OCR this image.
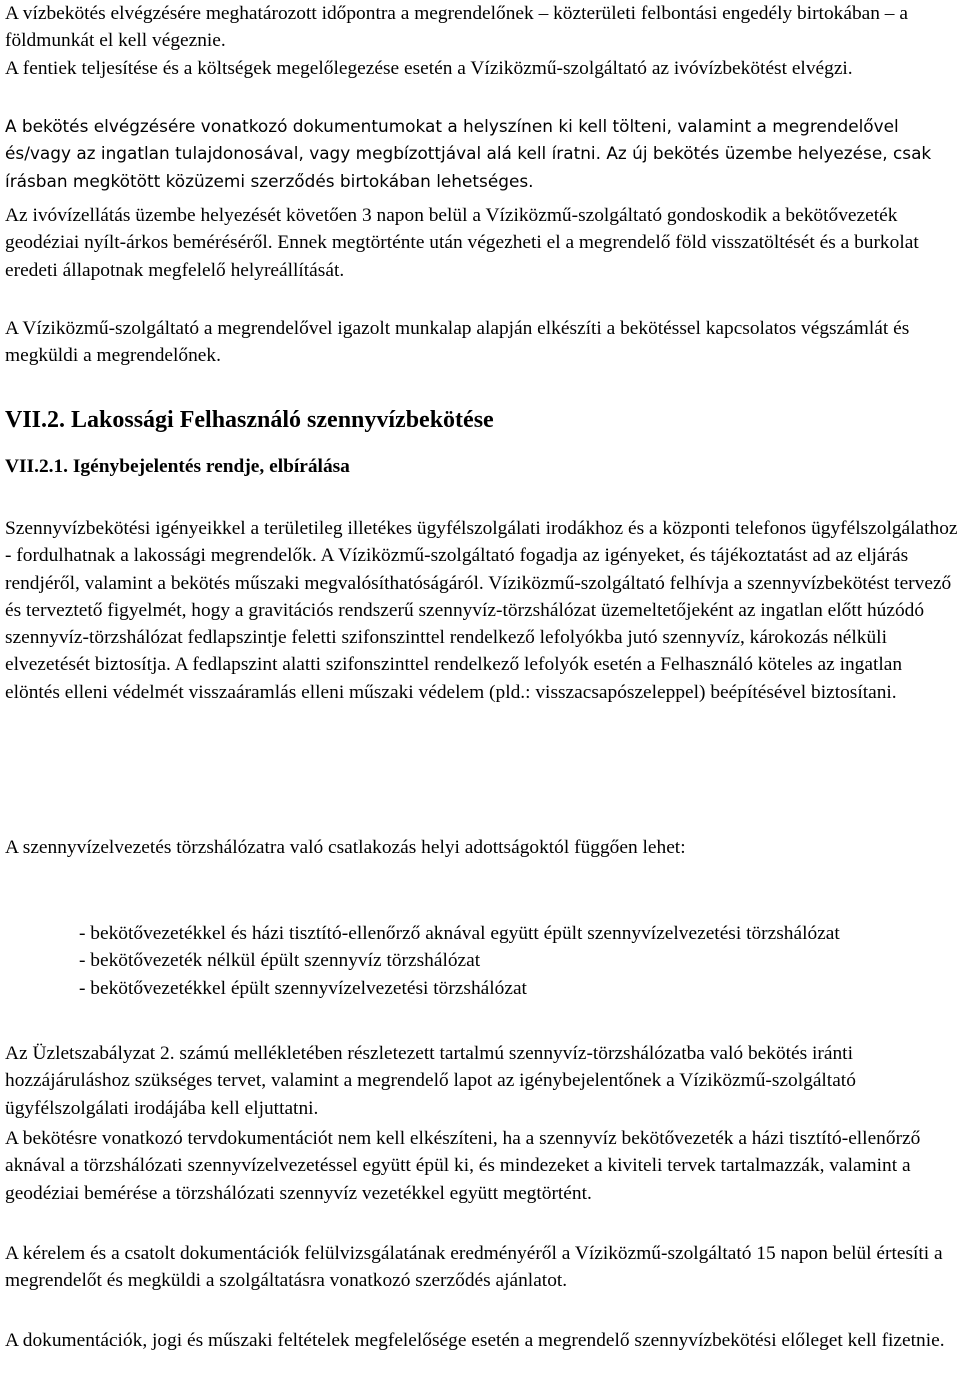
A vízbekötés elvégzésére meghatározott időpontra a megrendelőnek – közterületi felbontási engedély birtokában – a földmunkát el kell végeznie.

A fentiek teljesítése és a költségek megelőlegezése esetén a Víziközmű-szolgáltató az ivóvízbekötést elvégzi.

A bekötés elvégzésére vonatkozó dokumentumokat a helyszínen ki kell tölteni, valamint a megrendelővel és/vagy az ingatlan tulajdonosával, vagy megbízottjával alá kell íratni. Az új bekötés üzembe helyezése, csak írásban megkötött közüzemi szerződés birtokában lehetséges.

Az ivóvízellátás üzembe helyezését követően 3 napon belül a Víziközmű-szolgáltató gondoskodik a bekötővezeték geodéziai nyílt-árkos beméréséről. Ennek megtörténte után végezheti el a megrendelő föld visszatöltését és a burkolat eredeti állapotnak megfelelő helyreállítását.

A Víziközmű-szolgáltató a megrendelővel igazolt munkalap alapján elkészíti a bekötéssel kapcsolatos végszámlát és megküldi a megrendelőnek.

VII.2. Lakossági Felhasználó szennyvízbekötése

VII.2.1. Igénybejelentés rendje, elbírálása

Szennyvízbekötési igényeikkel a területileg illetékes ügyfélszolgálati irodákhoz és a központi telefonos ügyfélszolgálathoz - fordulhatnak a lakossági megrendelők. A Víziközmű-szolgáltató fogadja az igényeket, és tájékoztatást ad az eljárás rendjéről, valamint a bekötés műszaki megvalósíthatóságáról. Víziközmű-szolgáltató felhívja a szennyvízbekötést tervező és terveztető figyelmét, hogy a gravitációs rendszerű szennyvíz-törzshálózat üzemeltetőjeként az ingatlan előtt húzódó szennyvíz-törzshálózat fedlapszintje feletti szifonszinttel rendelkező lefolyókba jutó szennyvíz, károkozás nélküli elvezetését biztosítja. A fedlapszint alatti szifonszinttel rendelkező lefolyók esetén a Felhasználó köteles az ingatlan elöntés elleni védelmét visszaáramlás elleni műszaki védelem (pld.: visszacsapószeleppel) beépítésével biztosítani.

A szennyvízelvezetés törzshálózatra való csatlakozás helyi adottságoktól függően lehet:

- bekötővezetékkel és házi tisztító-ellenőrző aknával együtt épült szennyvízelvezetési törzshálózat

- bekötővezeték nélkül épült szennyvíz törzshálózat

- bekötővezetékkel épült szennyvízelvezetési törzshálózat

Az Üzletszabályzat 2. számú mellékletében részletezett tartalmú szennyvíz-törzshálózatba való bekötés iránti hozzájáruláshoz szükséges tervet, valamint a megrendelő lapot az igénybejelentőnek a Víziközmű-szolgáltató ügyfélszolgálati irodájába kell eljuttatni.

A bekötésre vonatkozó tervdokumentációt nem kell elkészíteni, ha a szennyvíz bekötővezeték a házi tisztító-ellenőrző aknával a törzshálózati szennyvízelvezetéssel együtt épül ki, és mindezeket a kiviteli tervek tartalmazzák, valamint a geodéziai bemérése a törzshálózati szennyvíz vezetékkel együtt megtörtént.

A kérelem és a csatolt dokumentációk felülvizsgálatának eredményéről a Víziközmű-szolgáltató 15 napon belül értesíti a megrendelőt és megküldi a szolgáltatásra vonatkozó szerződés ajánlatot.

A dokumentációk, jogi és műszaki feltételek megfelelősége esetén a megrendelő szennyvízbekötési előleget kell fizetnie.
